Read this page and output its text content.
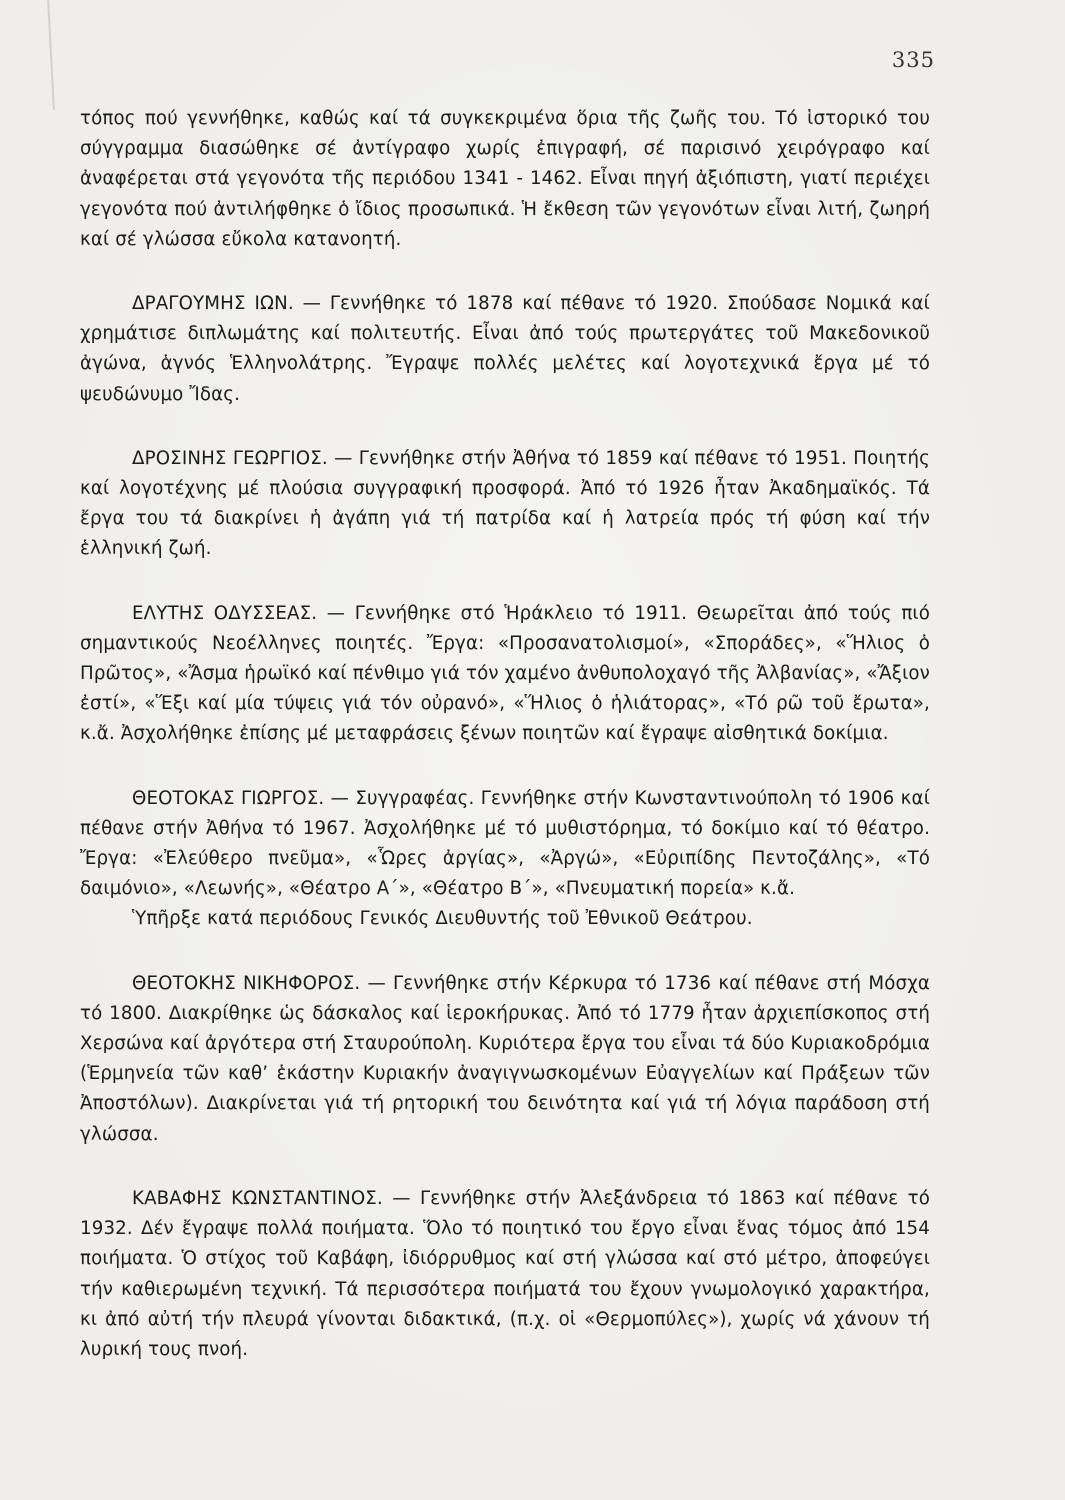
335

τόπος πού γεννήθηκε, καθώς καί τά συγκεκριμένα ὅρια τῆς ζωῆς του. Τό ἱστορικό του σύγγραμμα διασώθηκε σέ ἀντίγραφο χωρίς ἐπιγραφή, σέ παρισινό χειρόγραφο καί ἀναφέρεται στά γεγονότα τῆς περιόδου 1341 - 1462. Εἶναι πηγή ἀξιόπιστη, γιατί περιέχει γεγονότα πού ἀντιλήφθηκε ὁ ἴδιος προσωπικά. Ἡ ἔκθεση τῶν γεγονότων εἶναι λιτή, ζωηρή καί σέ γλώσσα εὔκολα κατανοητή.

ΔΡΑΓΟΥΜΗΣ ΙΩΝ. — Γεννήθηκε τό 1878 καί πέθανε τό 1920. Σπούδασε Νομικά καί χρημάτισε διπλωμάτης καί πολιτευτής. Εἶναι ἀπό τούς πρωτεργάτες τοῦ Μακεδονικοῦ ἀγώνα, ἁγνός Ἑλληνολάτρης. Ἔγραψε πολλές μελέτες καί λογοτεχνικά ἔργα μέ τό ψευδώνυμο Ἴδας.

ΔΡΟΣΙΝΗΣ ΓΕΩΡΓΙΟΣ. — Γεννήθηκε στήν Ἀθήνα τό 1859 καί πέθανε τό 1951. Ποιητής καί λογοτέχνης μέ πλούσια συγγραφική προσφορά. Ἀπό τό 1926 ἦταν Ἀκαδημαϊκός. Τά ἔργα του τά διακρίνει ἡ ἀγάπη γιά τή πατρίδα καί ἡ λατρεία πρός τή φύση καί τήν ἑλληνική ζωή.

ΕΛΥΤΗΣ ΟΔΥΣΣΕΑΣ. — Γεννήθηκε στό Ἡράκλειο τό 1911. Θεωρεῖται ἀπό τούς πιό σημαντικούς Νεοέλληνες ποιητές. Ἔργα: «Προσανατολισμοί», «Σποράδες», «Ἥλιος ὁ Πρῶτος», «Ἄσμα ἡρωϊκό καί πένθιμο γιά τόν χαμένο ἀνθυπολοχαγό τῆς Ἀλβανίας», «Ἄξιον ἐστί», «Ἕξι καί μία τύψεις γιά τόν οὐρανό», «Ἥλιος ὁ ἡλιάτορας», «Τό ρῶ τοῦ ἔρωτα», κ.ἄ. Ἀσχολήθηκε ἐπίσης μέ μεταφράσεις ξένων ποιητῶν καί ἔγραψε αἰσθητικά δοκίμια.

ΘΕΟΤΟΚΑΣ ΓΙΩΡΓΟΣ. — Συγγραφέας. Γεννήθηκε στήν Κωνσταντινούπολη τό 1906 καί πέθανε στήν Ἀθήνα τό 1967. Ἀσχολήθηκε μέ τό μυθιστόρημα, τό δοκίμιο καί τό θέατρο. Ἔργα: «Ἐλεύθερο πνεῦμα», «Ὧρες ἀργίας», «Ἀργώ», «Εὐριπίδης Πεντοζάλης», «Τό δαιμόνιο», «Λεωνής», «Θέατρο Α΄», «Θέατρο Β΄», «Πνευματική πορεία» κ.ἄ.

Ὑπῆρξε κατά περιόδους Γενικός Διευθυντής τοῦ Ἐθνικοῦ Θεάτρου.

ΘΕΟΤΟΚΗΣ ΝΙΚΗΦΟΡΟΣ. — Γεννήθηκε στήν Κέρκυρα τό 1736 καί πέθανε στή Μόσχα τό 1800. Διακρίθηκε ὡς δάσκαλος καί ἱεροκήρυκας. Ἀπό τό 1779 ἦταν ἀρχιεπίσκοπος στή Χερσώνα καί ἀργότερα στή Σταυρούπολη. Κυριότερα ἔργα του εἶναι τά δύο Κυριακοδρόμια (Ἑρμηνεία τῶν καθ’ ἑκάστην Κυριακήν ἀναγιγνωσκομένων Εὐαγγελίων καί Πράξεων τῶν Ἀποστόλων). Διακρίνεται γιά τή ρητορική του δεινότητα καί γιά τή λόγια παράδοση στή γλώσσα.

ΚΑΒΑΦΗΣ ΚΩΝΣΤΑΝΤΙΝΟΣ. — Γεννήθηκε στήν Ἀλεξάνδρεια τό 1863 καί πέθανε τό 1932. Δέν ἔγραψε πολλά ποιήματα. Ὅλο τό ποιητικό του ἔργο εἶναι ἕνας τόμος ἀπό 154 ποιήματα. Ὁ στίχος τοῦ Καβάφη, ἰδιόρρυθμος καί στή γλώσσα καί στό μέτρο, ἀποφεύγει τήν καθιερωμένη τεχνική. Τά περισσότερα ποιήματά του ἔχουν γνωμολογικό χαρακτήρα, κι ἀπό αὐτή τήν πλευρά γίνονται διδακτικά, (π.χ. οἱ «Θερμοπύλες»), χωρίς νά χάνουν τή λυρική τους πνοή.
